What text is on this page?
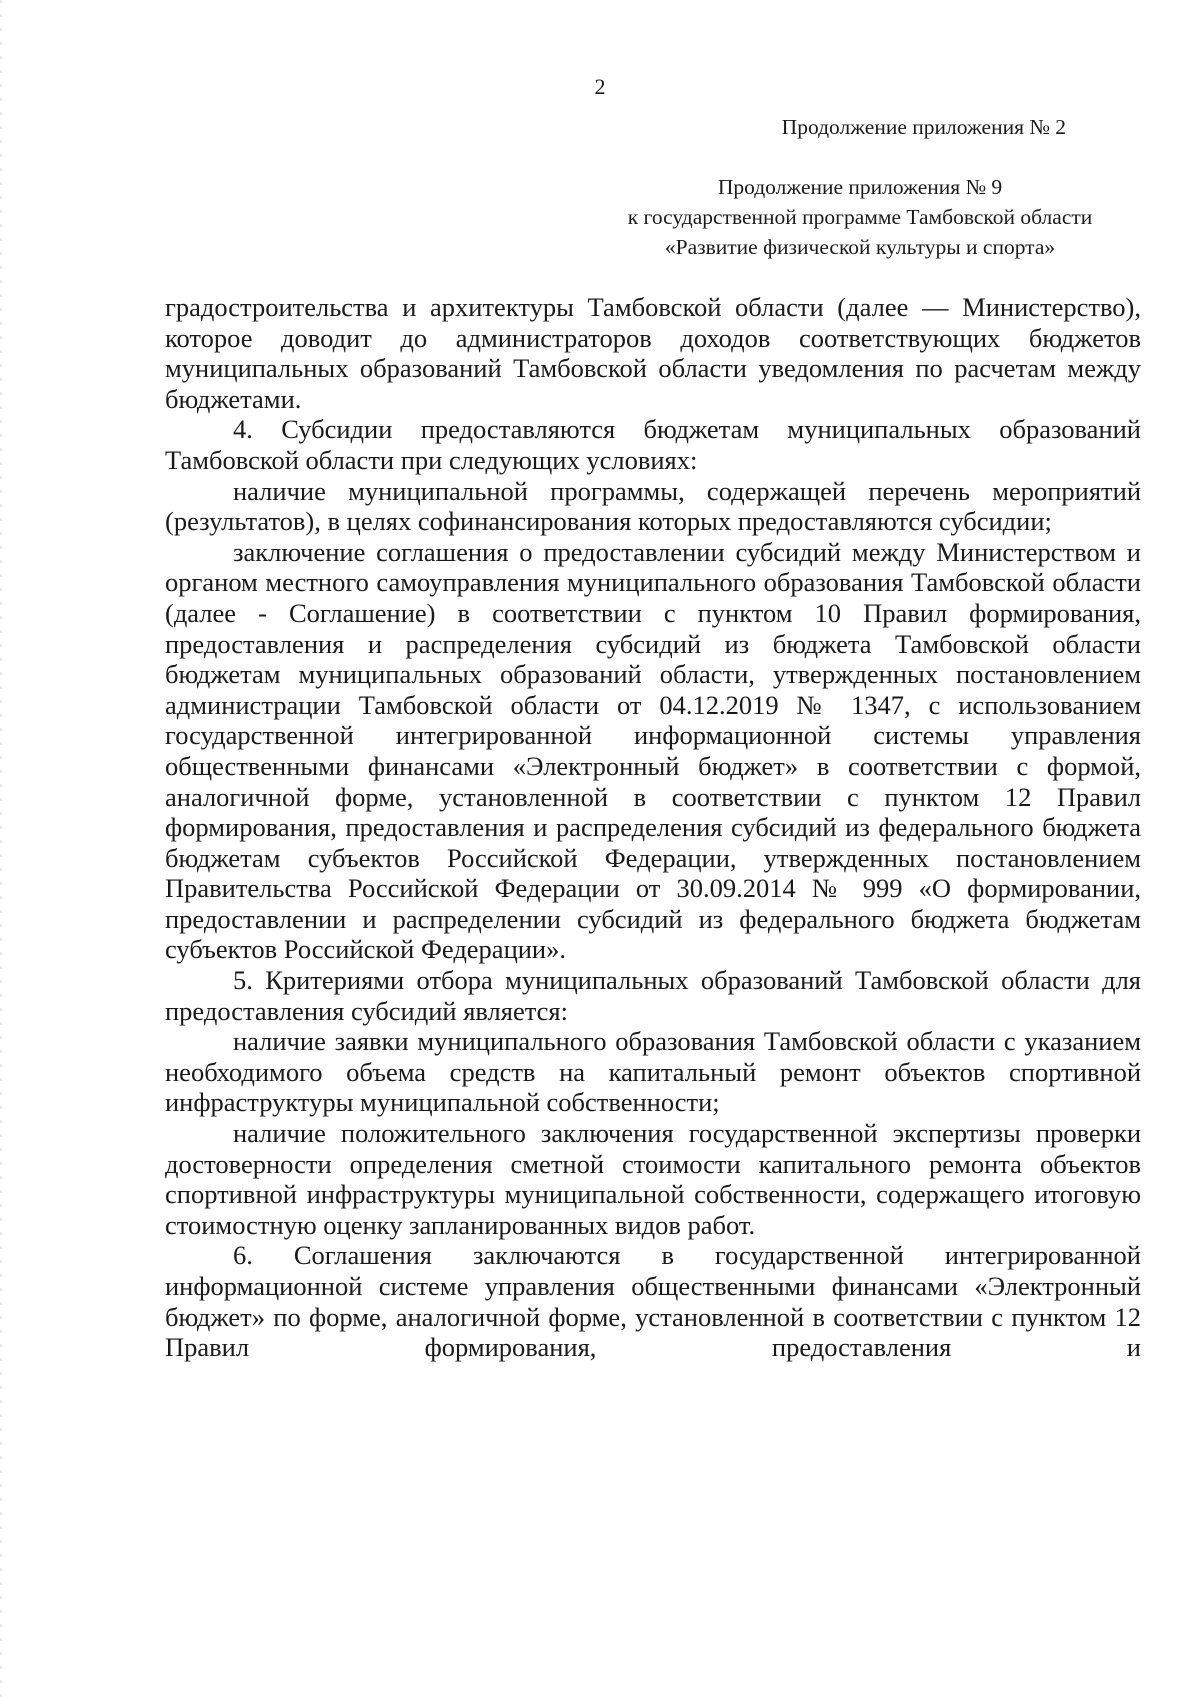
2
Продолжение приложения № 2
Продолжение приложения № 9
к государственной программе Тамбовской области
«Развитие физической культуры и спорта»

градостроительства и архитектуры Тамбовской области (далее — Министерство), которое доводит до администраторов доходов соответствующих бюджетов муниципальных образований Тамбовской области уведомления по расчетам между бюджетами.

4. Субсидии предоставляются бюджетам муниципальных образований Тамбовской области при следующих условиях:

наличие муниципальной программы, содержащей перечень мероприятий (результатов), в целях софинансирования которых предоставляются субсидии;

заключение соглашения о предоставлении субсидий между Министерством и органом местного самоуправления муниципального образования Тамбовской области (далее - Соглашение) в соответствии с пунктом 10 Правил формирования, предоставления и распределения субсидий из бюджета Тамбовской области бюджетам муниципальных образований области, утвержденных постановлением администрации Тамбовской области от 04.12.2019 № 1347, с использованием государственной интегрированной информационной системы управления общественными финансами «Электронный бюджет» в соответствии с формой, аналогичной форме, установленной в соответствии с пунктом 12 Правил формирования, предоставления и распределения субсидий из федерального бюджета бюджетам субъектов Российской Федерации, утвержденных постановлением Правительства Российской Федерации от 30.09.2014 № 999 «О формировании, предоставлении и распределении субсидий из федерального бюджета бюджетам субъектов Российской Федерации».

5. Критериями отбора муниципальных образований Тамбовской области для предоставления субсидий является:

наличие заявки муниципального образования Тамбовской области с указанием необходимого объема средств на капитальный ремонт объектов спортивной инфраструктуры муниципальной собственности;

наличие положительного заключения государственной экспертизы проверки достоверности определения сметной стоимости капитального ремонта объектов спортивной инфраструктуры муниципальной собственности, содержащего итоговую стоимостную оценку запланированных видов работ.

6. Соглашения заключаются в государственной интегрированной информационной системе управления общественными финансами «Электронный бюджет» по форме, аналогичной форме, установленной в соответствии с пунктом 12 Правил формирования, предоставления и
